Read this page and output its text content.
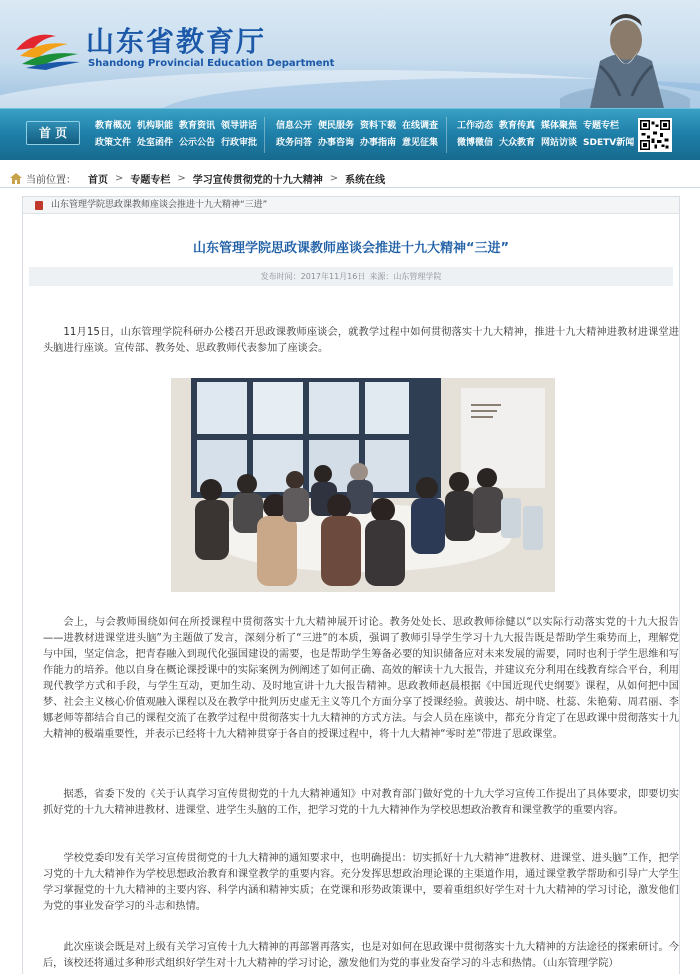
山东省教育厅
Shandong Provincial Education Department
首 页	教育概况 机构职能 教育资讯 领导讲话
政策文件 处室函件 公示公告 行政审批
信息公开 便民服务 资料下载 在线调查
政务问答 办事咨询 办事指南 意见征集
工作动态 教育传真 媒体聚焦 专题专栏
微博微信 大众教育 网站访谈 SDETV新闻
当前位置： 首页 > 专题专栏 > 学习宣传贯彻党的十九大精神 > 系统在线
山东管理学院思政课教师座谈会推进十九大精神“三进”
山东管理学院思政课教师座谈会推进十九大精神“三进”
发布时间：2017年11月16日 来源：山东管理学院

11月15日，山东管理学院科研办公楼召开思政课教师座谈会，就教学过程中如何贯彻落实十九大精神，推进十九大精神进教材进课堂进头脑进行座谈。宣传部、教务处、思政教师代表参加了座谈会。

会上，与会教师围绕如何在所授课程中贯彻落实十九大精神展开讨论。教务处处长、思政教师徐健以“以实际行动落实党的十九大报告——进教材进课堂进头脑”为主题做了发言，深刻分析了“三进”的本质，强调了教师引导学生学习十九大报告既是帮助学生乘势而上，理解党与中国，坚定信念，把青春融入到现代化强国建设的需要，也是帮助学生筹备必要的知识储备应对未来发展的需要，同时也利于学生思维和写作能力的培养。他以自身在概论课授课中的实际案例为例阐述了如何正确、高效的解读十九大报告，并建议充分利用在线教育综合平台，利用现代教学方式和手段，与学生互动，更加生动、及时地宣讲十九大报告精神。思政教师赵晨根据《中国近现代史纲要》课程，从如何把中国梦、社会主义核心价值观融入课程以及在教学中批判历史虚无主义等几个方面分享了授课经验。黄骏达、胡中晓、杜蕊、朱艳菊、周君丽、李娜老师等都结合自己的课程交流了在教学过程中贯彻落实十九大精神的方式方法。与会人员在座谈中，都充分肯定了在思政课中贯彻落实十九大精神的极端重要性，并表示已经将十九大精神贯穿于各自的授课过程中，将十九大精神“零时差”带进了思政课堂。

据悉，省委下发的《关于认真学习宣传贯彻党的十九大精神通知》中对教育部门做好党的十九大学习宣传工作提出了具体要求，即要切实抓好党的十九大精神进教材、进课堂、进学生头脑的工作，把学习党的十九大精神作为学校思想政治教育和课堂教学的重要内容。

学校党委印发有关学习宣传贯彻党的十九大精神的通知要求中，也明确提出：切实抓好十九大精神“进教材、进课堂、进头脑”工作，把学习党的十九大精神作为学校思想政治教育和课堂教学的重要内容。充分发挥思想政治理论课的主渠道作用，通过课堂教学帮助和引导广大学生学习掌握党的十九大精神的主要内容、科学内涵和精神实质；在党课和形势政策课中，要着重组织好学生对十九大精神的学习讨论，激发他们为党的事业发奋学习的斗志和热情。

此次座谈会既是对上级有关学习宣传十九大精神的再部署再落实，也是对如何在思政课中贯彻落实十九大精神的方法途径的探索研讨。今后，该校还将通过多种形式组织好学生对十九大精神的学习讨论，激发他们为党的事业发奋学习的斗志和热情。（山东管理学院）
